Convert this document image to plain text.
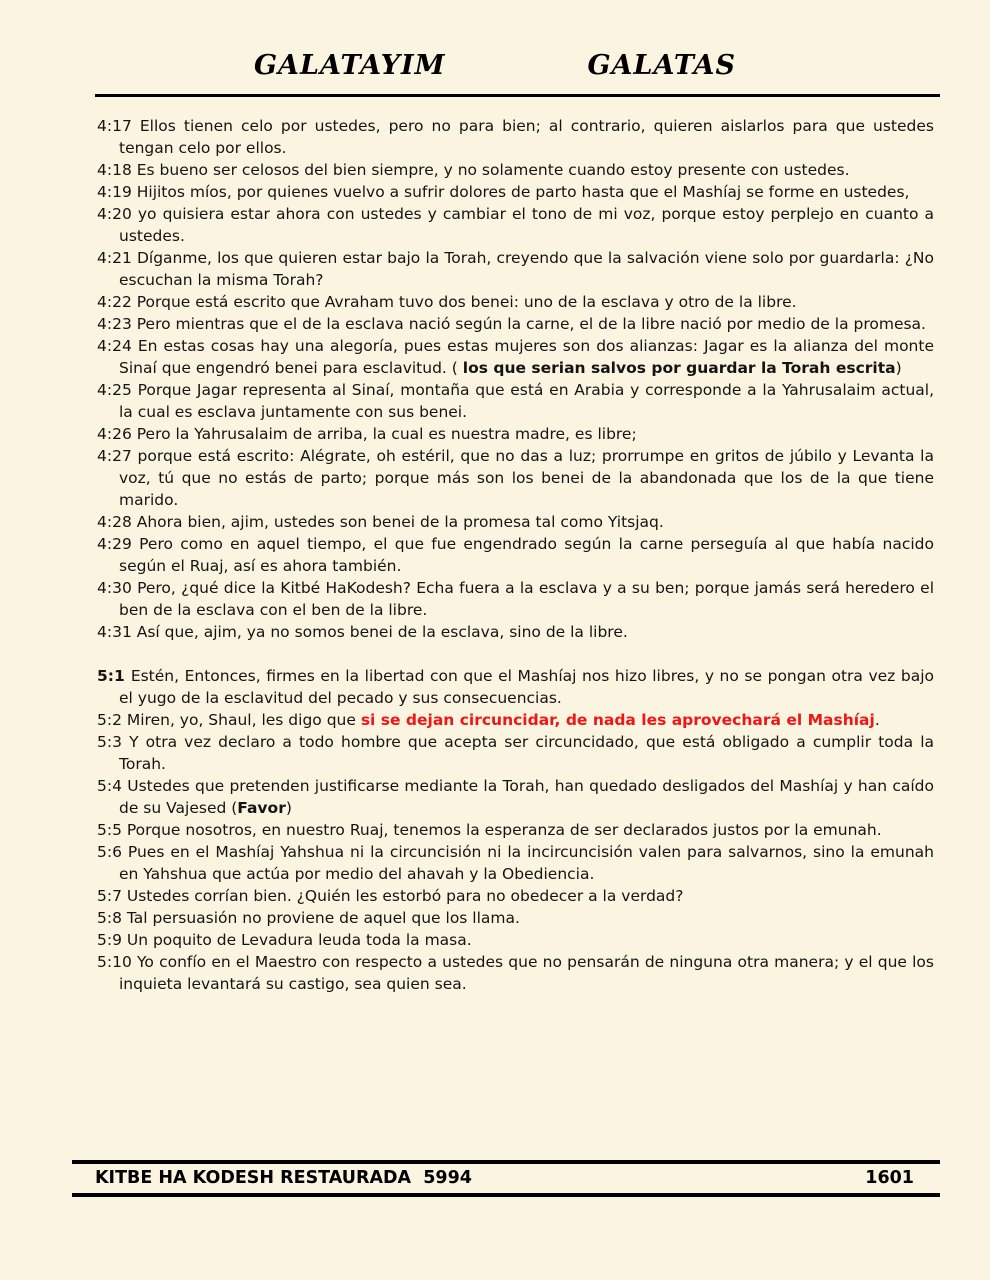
GALATAYIM	GALATAS

4:17 Ellos tienen celo por ustedes, pero no para bien; al contrario, quieren aislarlos para que ustedes tengan celo por ellos.

4:18 Es bueno ser celosos del bien siempre, y no solamente cuando estoy presente con ustedes.

4:19 Hijitos míos, por quienes vuelvo a sufrir dolores de parto hasta que el Mashíaj se forme en ustedes,

4:20 yo quisiera estar ahora con ustedes y cambiar el tono de mi voz, porque estoy perplejo en cuanto a ustedes.

4:21 Díganme, los que quieren estar bajo la Torah, creyendo que la salvación viene solo por guardarla: ¿No escuchan la misma Torah?

4:22 Porque está escrito que Avraham tuvo dos benei: uno de la esclava y otro de la libre.

4:23 Pero mientras que el de la esclava nació según la carne, el de la libre nació por medio de la promesa.

4:24 En estas cosas hay una alegoría, pues estas mujeres son dos alianzas: Jagar es la alianza del monte Sinaí que engendró benei para esclavitud. ( los que serian salvos por guardar la Torah escrita)

4:25 Porque Jagar representa al Sinaí, montaña que está en Arabia y corresponde a la Yahrusalaim actual, la cual es esclava juntamente con sus benei.

4:26 Pero la Yahrusalaim de arriba, la cual es nuestra madre, es libre;

4:27 porque está escrito: Alégrate, oh estéril, que no das a luz; prorrumpe en gritos de júbilo y Levanta la voz, tú que no estás de parto; porque más son los benei de la abandonada que los de la que tiene marido.

4:28 Ahora bien, ajim, ustedes son benei de la promesa tal como Yitsjaq.

4:29 Pero como en aquel tiempo, el que fue engendrado según la carne perseguía al que había nacido según el Ruaj, así es ahora también.

4:30 Pero, ¿qué dice la Kitbé HaKodesh? Echa fuera a la esclava y a su ben; porque jamás será heredero el ben de la esclava con el ben de la libre.

4:31 Así que, ajim, ya no somos benei de la esclava, sino de la libre.

5:1 Estén, Entonces, firmes en la libertad con que el Mashíaj nos hizo libres, y no se pongan otra vez bajo el yugo de la esclavitud del pecado y sus consecuencias.

5:2 Miren, yo, Shaul, les digo que si se dejan circuncidar, de nada les aprovechará el Mashíaj.

5:3 Y otra vez declaro a todo hombre que acepta ser circuncidado, que está obligado a cumplir toda la Torah.

5:4 Ustedes que pretenden justificarse mediante la Torah, han quedado desligados del Mashíaj y han caído de su Vajesed (Favor)

5:5 Porque nosotros, en nuestro Ruaj, tenemos la esperanza de ser declarados justos por la emunah.

5:6 Pues en el Mashíaj Yahshua ni la circuncisión ni la incircuncisión valen para salvarnos, sino la emunah en Yahshua que actúa por medio del ahavah y la Obediencia.

5:7 Ustedes corrían bien. ¿Quién les estorbó para no obedecer a la verdad?

5:8 Tal persuasión no proviene de aquel que los llama.

5:9 Un poquito de Levadura leuda toda la masa.

5:10 Yo confío en el Maestro con respecto a ustedes que no pensarán de ninguna otra manera; y el que los inquieta levantará su castigo, sea quien sea.

KITBE HA KODESH RESTAURADA  5994	1601
